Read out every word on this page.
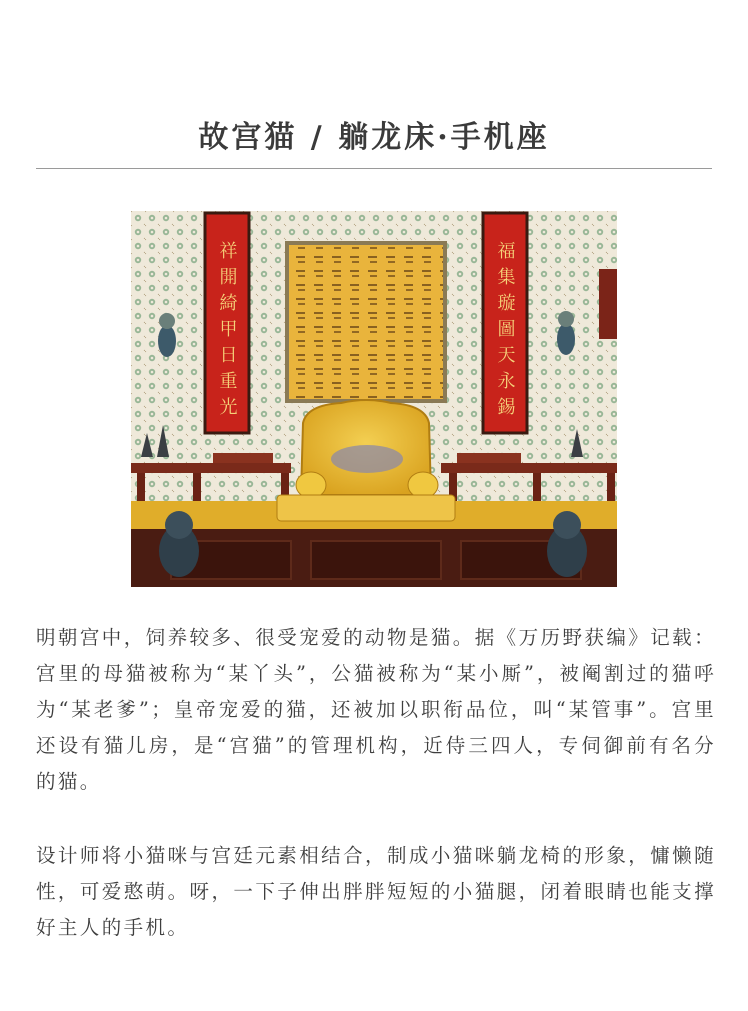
故宫猫 / 躺龙床·手机座
祥開綺甲日重光	福集璇圖天永錫

明朝宫中，饲养较多、很受宠爱的动物是猫。据《万历野获编》记载：宫里的母猫被称为“某丫头”，公猫被称为“某小厮”，被阉割过的猫呼为“某老爹”；皇帝宠爱的猫，还被加以职衔品位，叫“某管事”。宫里还设有猫儿房，是“宫猫”的管理机构，近侍三四人，专伺御前有名分的猫。

设计师将小猫咪与宫廷元素相结合，制成小猫咪躺龙椅的形象，慵懒随性，可爱憨萌。呀，一下子伸出胖胖短短的小猫腿，闭着眼睛也能支撑好主人的手机。
